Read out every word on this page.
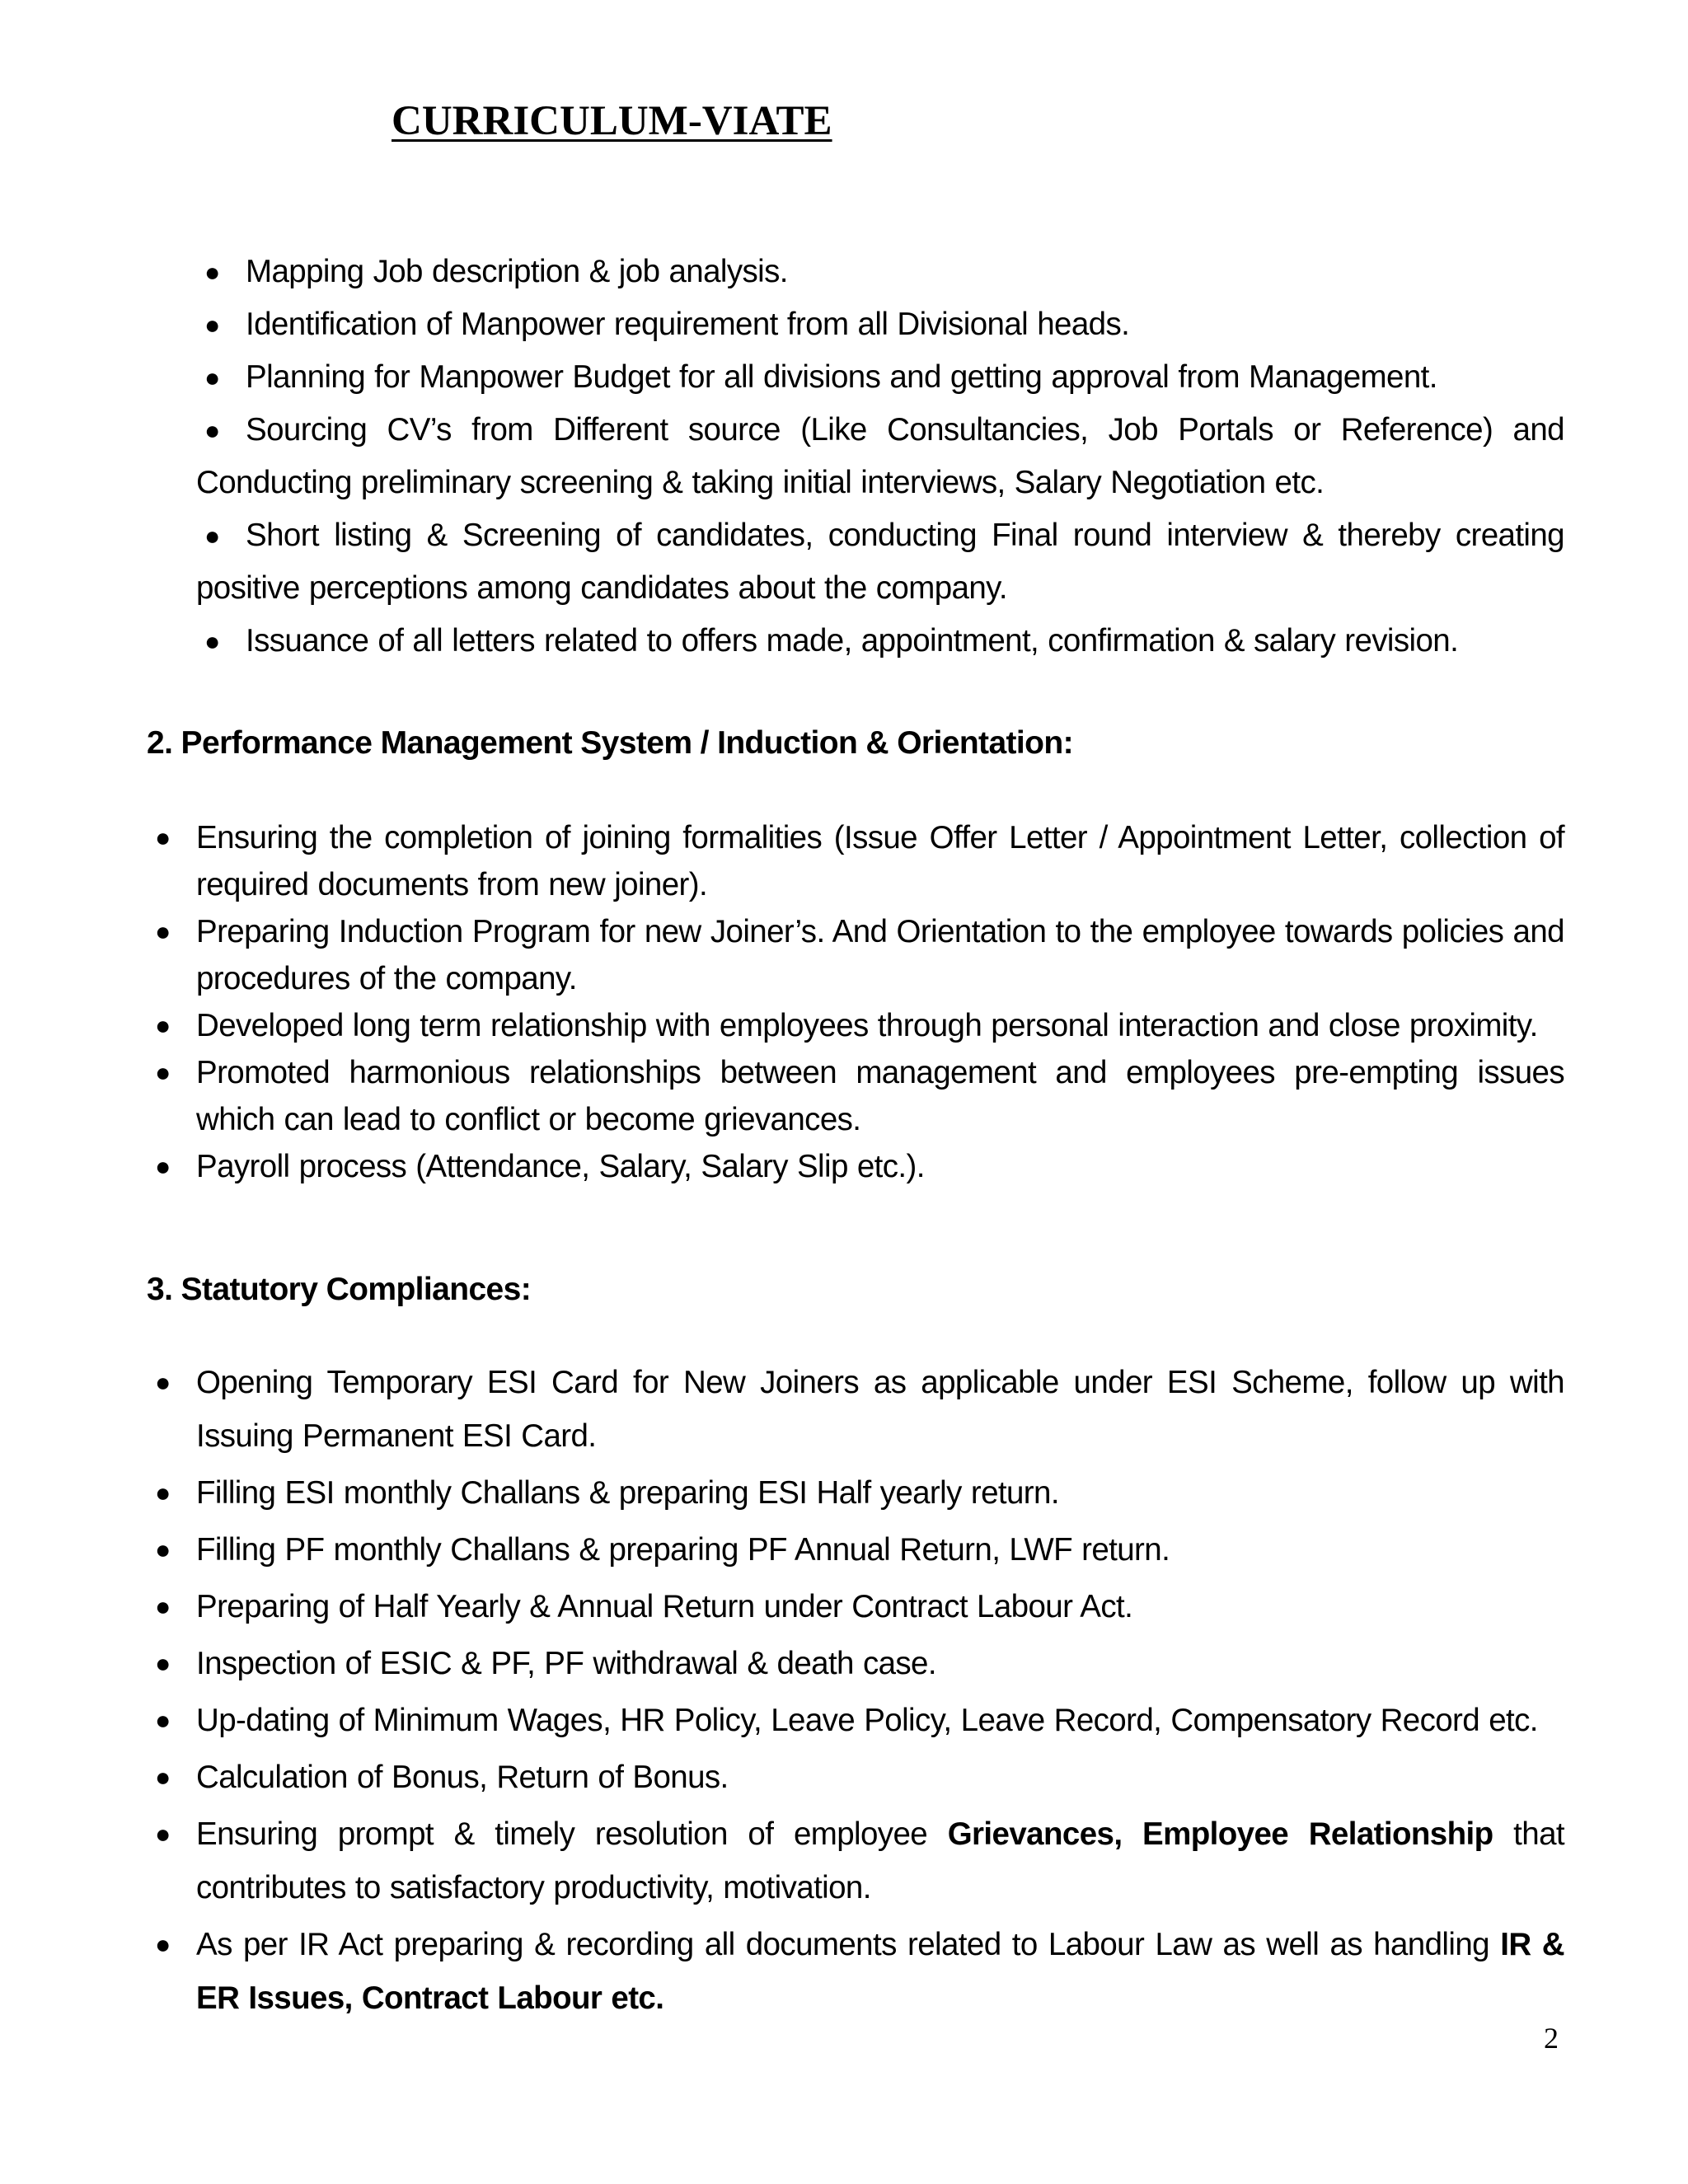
CURRICULUM-VIATE
● Mapping Job description & job analysis.
● Identification of Manpower requirement from all Divisional heads.
● Planning for Manpower Budget for all divisions and getting approval from Management.
● Sourcing CV’s from Different source (Like Consultancies, Job Portals or Reference) and Conducting preliminary screening & taking initial interviews, Salary Negotiation etc.
● Short listing & Screening of candidates, conducting Final round interview & thereby creating positive perceptions among candidates about the company.
● Issuance of all letters related to offers made, appointment, confirmation & salary revision.
2. Performance Management System / Induction & Orientation:
● Ensuring the completion of joining formalities (Issue Offer Letter / Appointment Letter, collection of required documents from new joiner).
● Preparing Induction Program for new Joiner’s. And Orientation to the employee towards policies and procedures of the company.
● Developed long term relationship with employees through personal interaction and close proximity.
● Promoted harmonious relationships between management and employees pre-empting issues which can lead to conflict or become grievances.
● Payroll process (Attendance, Salary, Salary Slip etc.).
3. Statutory Compliances:
● Opening Temporary ESI Card for New Joiners as applicable under ESI Scheme, follow up with Issuing Permanent ESI Card.
● Filling ESI monthly Challans & preparing ESI Half yearly return.
● Filling PF monthly Challans & preparing PF Annual Return, LWF return.
● Preparing of Half Yearly & Annual Return under Contract Labour Act.
● Inspection of ESIC & PF, PF withdrawal & death case.
● Up-dating of Minimum Wages, HR Policy, Leave Policy, Leave Record, Compensatory Record etc.
● Calculation of Bonus, Return of Bonus.
● Ensuring prompt & timely resolution of employee Grievances, Employee Relationship that contributes to satisfactory productivity, motivation.
● As per IR Act preparing & recording all documents related to Labour Law as well as handling IR & ER Issues, Contract Labour etc.
2
